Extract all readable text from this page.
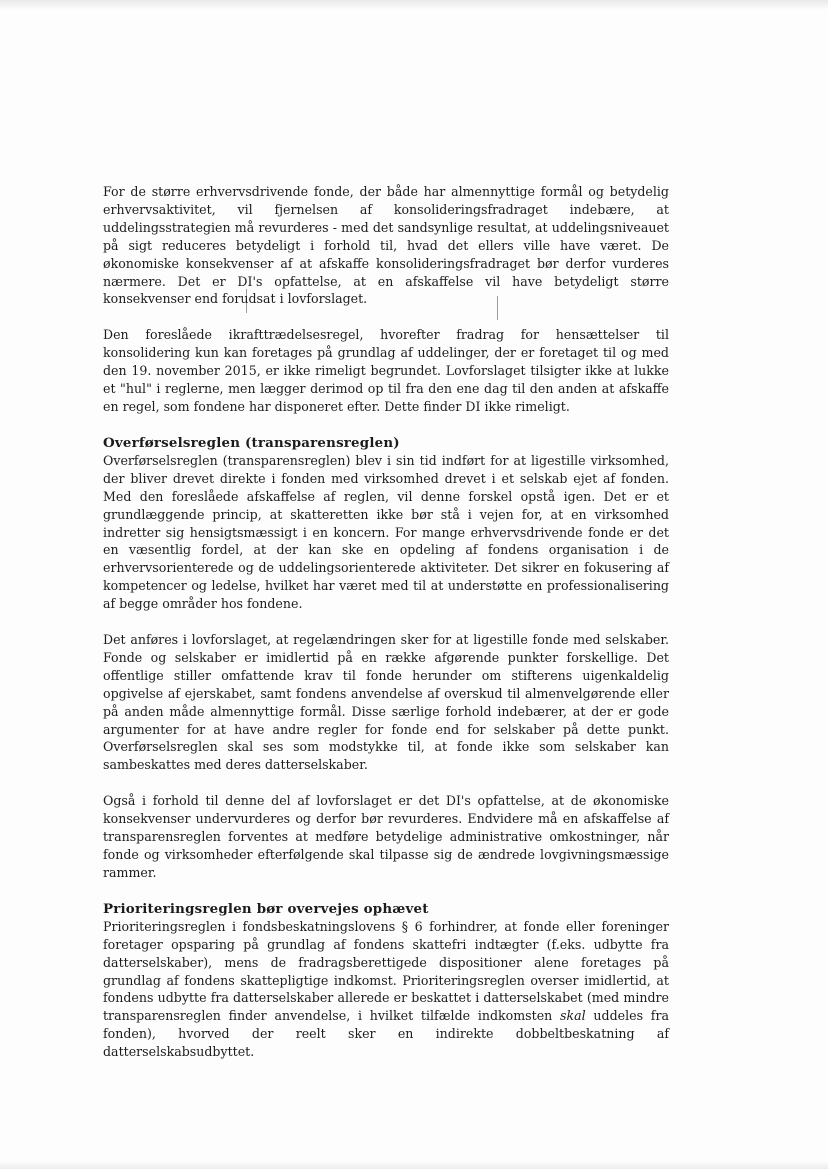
For de større erhvervsdrivende fonde, der både har almennyttige formål og betydelig erhvervsaktivitet, vil fjernelsen af konsolideringsfradraget indebære, at uddelingsstrategien må revurderes - med det sandsynlige resultat, at uddelingsniveauet på sigt reduceres betydeligt i forhold til, hvad det ellers ville have været. De økonomiske konsekvenser af at afskaffe konsolideringsfradraget bør derfor vurderes nærmere. Det er DI's opfattelse, at en afskaffelse vil have betydeligt større konsekvenser end forudsat i lovforslaget.

Den foreslåede ikrafttrædelsesregel, hvorefter fradrag for hensættelser til konsolidering kun kan foretages på grundlag af uddelinger, der er foretaget til og med den 19. november 2015, er ikke rimeligt begrundet. Lovforslaget tilsigter ikke at lukke et "hul" i reglerne, men lægger derimod op til fra den ene dag til den anden at afskaffe en regel, som fondene har disponeret efter. Dette finder DI ikke rimeligt.

Overførselsreglen (transparensreglen)

Overførselsreglen (transparensreglen) blev i sin tid indført for at ligestille virksomhed, der bliver drevet direkte i fonden med virksomhed drevet i et selskab ejet af fonden. Med den foreslåede afskaffelse af reglen, vil denne forskel opstå igen. Det er et grundlæggende princip, at skatteretten ikke bør stå i vejen for, at en virksomhed indretter sig hensigtsmæssigt i en koncern. For mange erhvervsdrivende fonde er det en væsentlig fordel, at der kan ske en opdeling af fondens organisation i de erhvervsorienterede og de uddelingsorienterede aktiviteter. Det sikrer en fokusering af kompetencer og ledelse, hvilket har været med til at understøtte en professionalisering af begge områder hos fondene.

Det anføres i lovforslaget, at regelændringen sker for at ligestille fonde med selskaber. Fonde og selskaber er imidlertid på en række afgørende punkter forskellige. Det offentlige stiller omfattende krav til fonde herunder om stifterens uigenkaldelig opgivelse af ejerskabet, samt fondens anvendelse af overskud til almenvelgørende eller på anden måde almennyttige formål. Disse særlige forhold indebærer, at der er gode argumenter for at have andre regler for fonde end for selskaber på dette punkt. Overførselsreglen skal ses som modstykke til, at fonde ikke som selskaber kan sambeskattes med deres datterselskaber.

Også i forhold til denne del af lovforslaget er det DI's opfattelse, at de økonomiske konsekvenser undervurderes og derfor bør revurderes. Endvidere må en afskaffelse af transparensreglen forventes at medføre betydelige administrative omkostninger, når fonde og virksomheder efterfølgende skal tilpasse sig de ændrede lovgivningsmæssige rammer.

Prioriteringsreglen bør overvejes ophævet

Prioriteringsreglen i fondsbeskatningslovens § 6 forhindrer, at fonde eller foreninger foretager opsparing på grundlag af fondens skattefri indtægter (f.eks. udbytte fra datterselskaber), mens de fradragsberettigede dispositioner alene foretages på grundlag af fondens skattepligtige indkomst. Prioriteringsreglen overser imidlertid, at fondens udbytte fra datterselskaber allerede er beskattet i datterselskabet (med mindre transparensreglen finder anvendelse, i hvilket tilfælde indkomsten skal uddeles fra fonden), hvorved der reelt sker en indirekte dobbeltbeskatning af datterselskabsudbyttet.
